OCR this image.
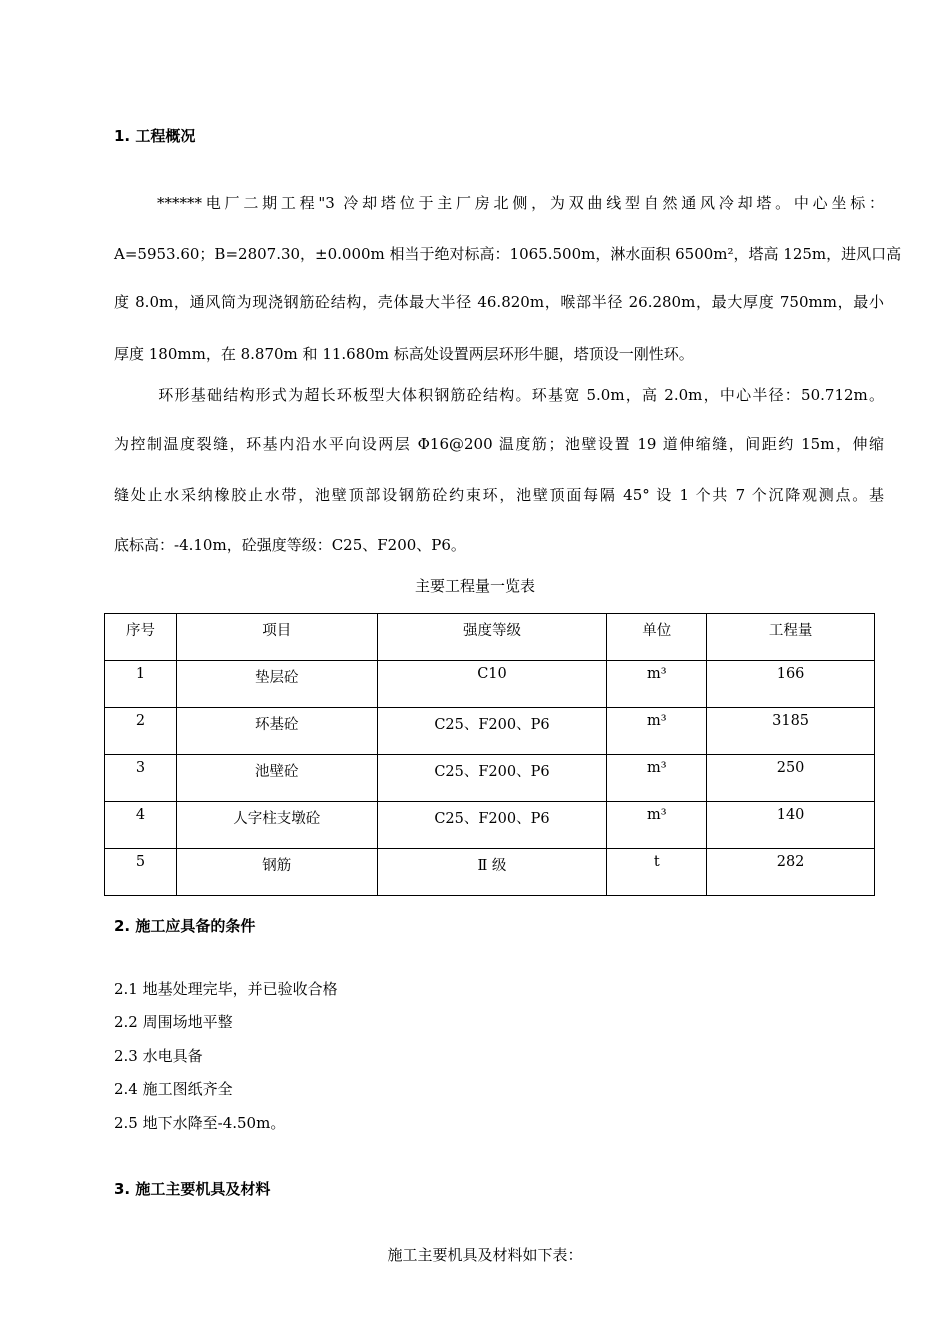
1. 工程概况
******电厂二期工程"3 冷却塔位于主厂房北侧，为双曲线型自然通风冷却塔。中心坐标：
A=5953.60；B=2807.30，±0.000m 相当于绝对标高：1065.500m，淋水面积 6500m²，塔高 125m，进风口高
度 8.0m，通风筒为现浇钢筋砼结构，壳体最大半径 46.820m，喉部半径 26.280m，最大厚度 750mm，最小
厚度 180mm，在 8.870m 和 11.680m 标高处设置两层环形牛腿，塔顶设一刚性环。
环形基础结构形式为超长环板型大体积钢筋砼结构。环基宽 5.0m，高 2.0m，中心半径：50.712m。
为控制温度裂缝，环基内沿水平向设两层 Φ16@200 温度筋；池壁设置 19 道伸缩缝，间距约 15m，伸缩
缝处止水采纳橡胶止水带，池壁顶部设钢筋砼约束环，池壁顶面每隔 45° 设 1 个共 7 个沉降观测点。基
底标高：-4.10m，砼强度等级：C25、F200、P6。
主要工程量一览表
序号	项目	强度等级	单位	工程量
1	垫层砼	C10	m³	166
2	环基砼	C25、F200、P6	m³	3185
3	池壁砼	C25、F200、P6	m³	250
4	人字柱支墩砼	C25、F200、P6	m³	140
5	钢筋	Ⅱ 级	t	282
2. 施工应具备的条件
2.1 地基处理完毕，并已验收合格
2.2 周围场地平整
2.3 水电具备
2.4 施工图纸齐全
2.5 地下水降至-4.50m。
3. 施工主要机具及材料
施工主要机具及材料如下表：
